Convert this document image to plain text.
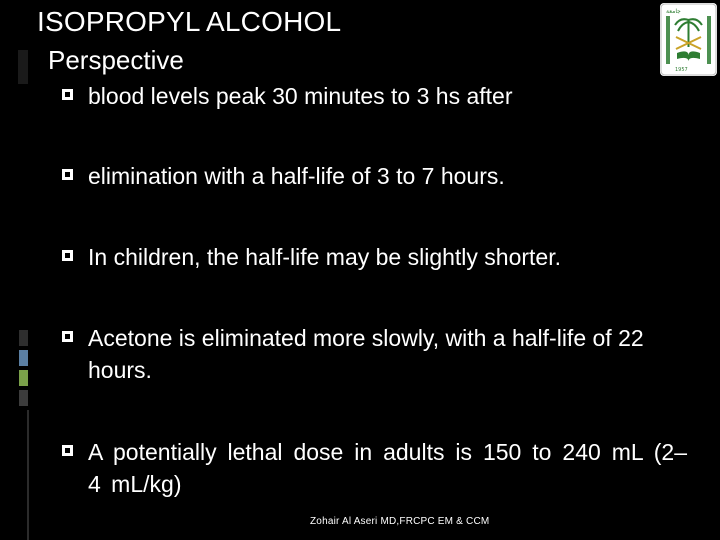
ISOPROPYL ALCOHOL
Perspective
جامعة
1957
blood levels peak 30 minutes to 3 hs after
elimination with a half-life of 3 to 7 hours.
In children, the half-life may be slightly shorter.
Acetone is eliminated more slowly, with a half-life of 22 hours.
A potentially lethal dose in adults is 150 to 240 mL (2–4 mL/kg)
Zohair Al Aseri MD,FRCPC EM & CCM
